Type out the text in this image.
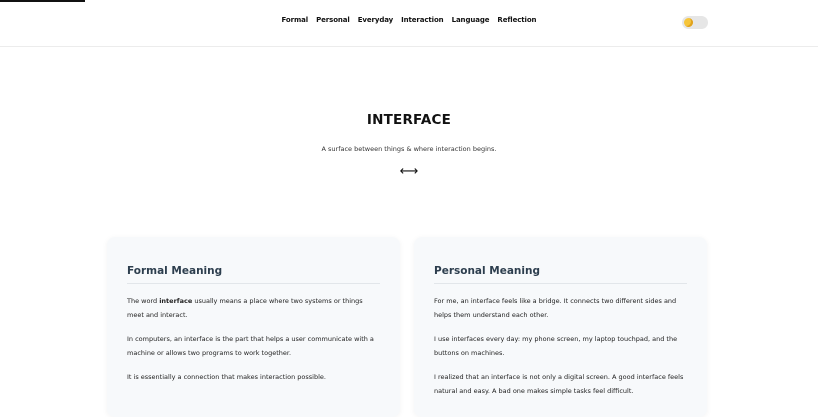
Formal Personal Everyday Interaction Language Reflection
INTERFACE
A surface between things & where interaction begins.
⟷
Formal Meaning

The word interface usually means a place where two systems or things meet and interact.

In computers, an interface is the part that helps a user communicate with a machine or allows two programs to work together.

It is essentially a connection that makes interaction possible.

Personal Meaning

For me, an interface feels like a bridge. It connects two different sides and helps them understand each other.

I use interfaces every day: my phone screen, my laptop touchpad, and the buttons on machines.

I realized that an interface is not only a digital screen. A good interface feels natural and easy. A bad one makes simple tasks feel difficult.
